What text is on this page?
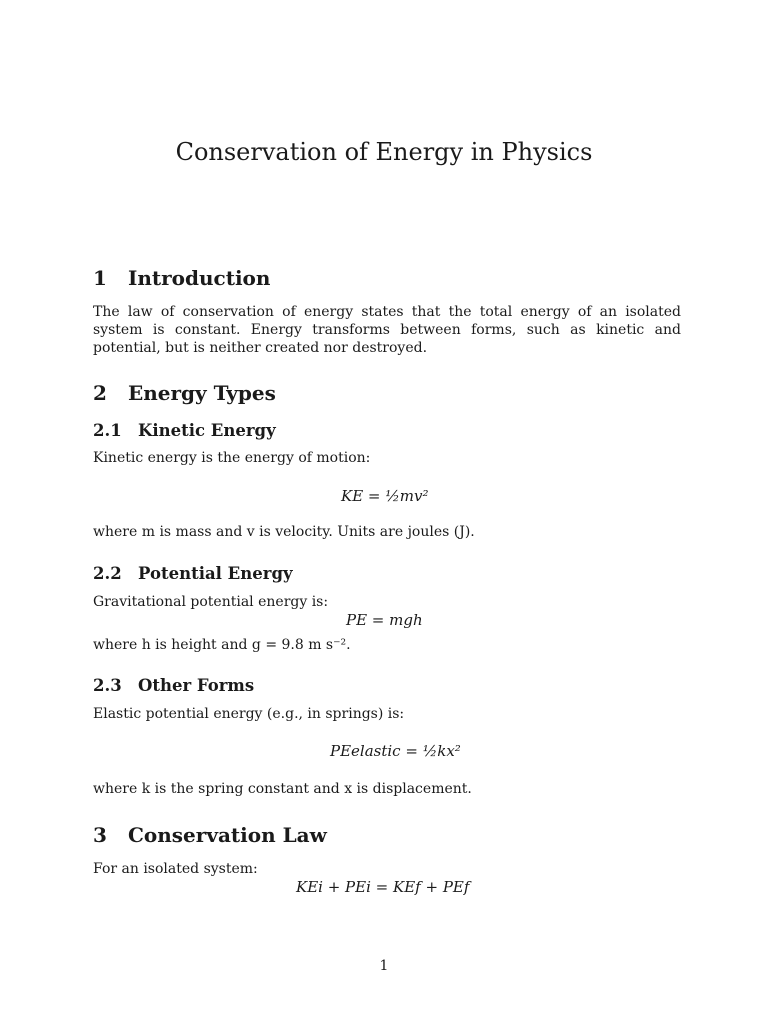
Conservation of Energy in Physics
1 Introduction

The law of conservation of energy states that the total energy of an isolated system is constant. Energy transforms between forms, such as kinetic and potential, but is neither created nor destroyed.

2 Energy Types
2.1 Kinetic Energy

Kinetic energy is the energy of motion:

KE = ½mv²

where m is mass and v is velocity. Units are joules (J).

2.2 Potential Energy

Gravitational potential energy is:

PE = mgh

where h is height and g = 9.8 m s⁻².

2.3 Other Forms

Elastic potential energy (e.g., in springs) is:

PEelastic = ½kx²

where k is the spring constant and x is displacement.

3 Conservation Law

For an isolated system:

KEi + PEi = KEf + PEf

1
